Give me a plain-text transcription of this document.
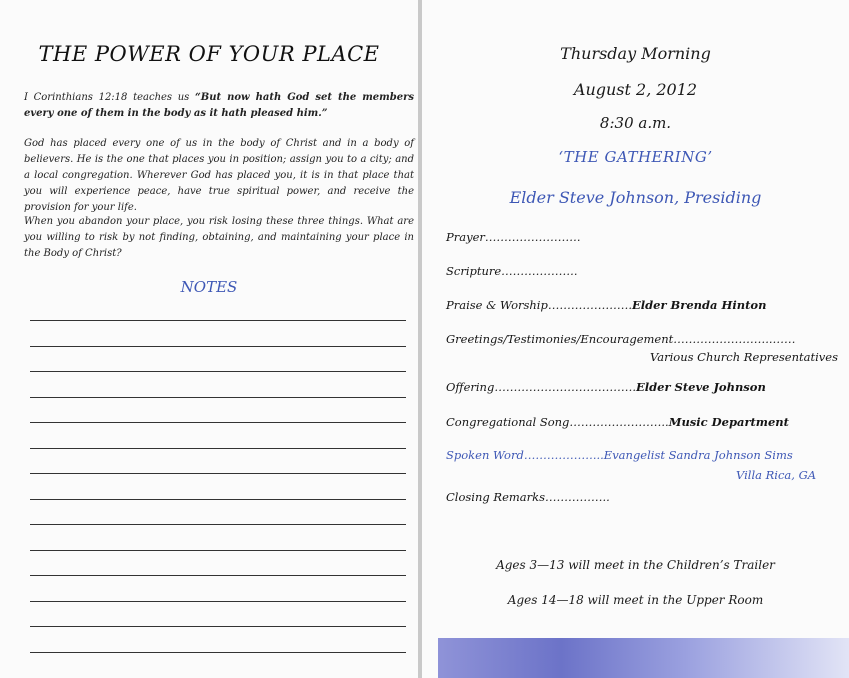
THE POWER OF YOUR PLACE
I Corinthians 12:18 teaches us “But now hath God set the members every one of them in the body as it hath pleased him.”
God has placed every one of us in the body of Christ and in a body of believers. He is the one that places you in position; assign you to a city; and a local congregation. Wherever God has placed you, it is in that place that you will experience peace, have true spiritual power, and receive the provision for your life.
When you abandon your place, you risk losing these three things. What are you willing to risk by not finding, obtaining, and maintaining your place in the Body of Christ?
NOTES
Thursday Morning
August 2, 2012
8:30 a.m.
‘THE GATHERING’
Elder Steve Johnson, Presiding
Prayer…………………….
Scripture………………..
Praise & Worship………………….Elder Brenda Hinton
Greetings/Testimonies/Encouragement……………………..……
Various Church Representatives
Offering……………………………….Elder Steve Johnson
Congregational Song……………………..Music Department
Spoken Word………………...Evangelist Sandra Johnson Sims
Villa Rica, GA
Closing Remarks……………..
Ages 3—13 will meet in the Children’s Trailer
Ages 14—18 will meet in the Upper Room
